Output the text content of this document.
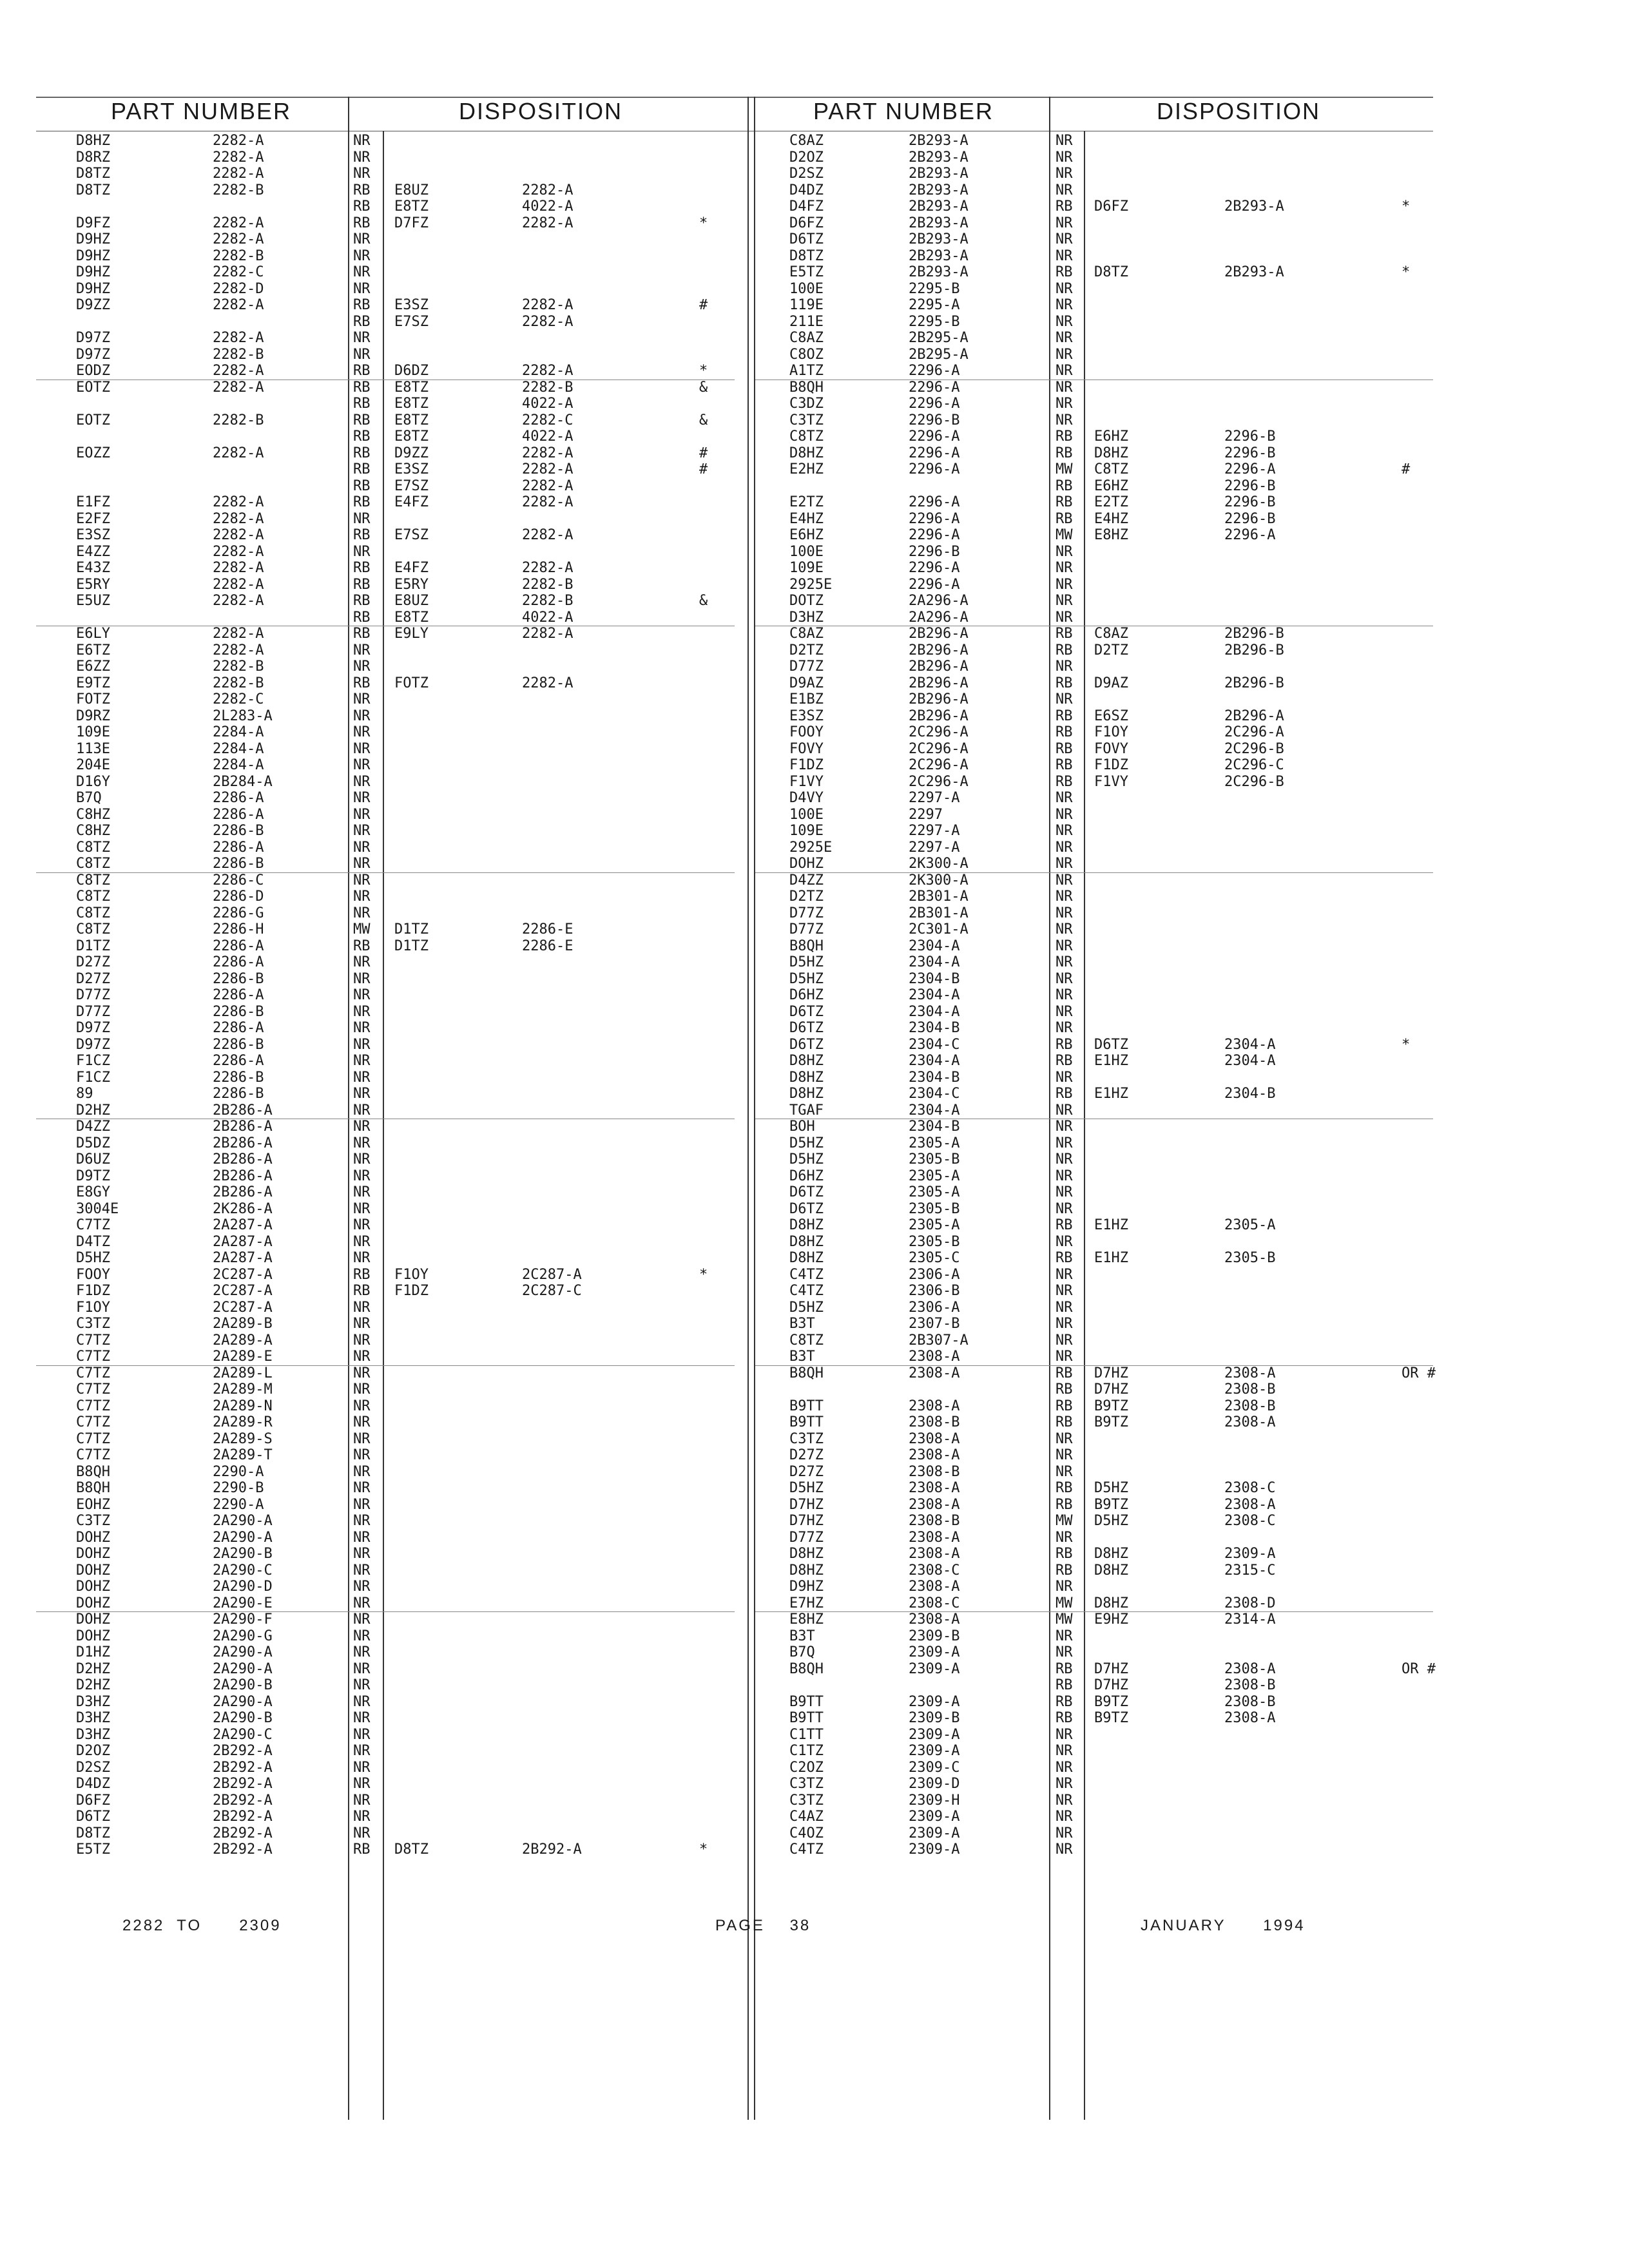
PART NUMBER	DISPOSITION	PART NUMBER	DISPOSITION
D8HZ	2282-A	NR
D8RZ	2282-A	NR
D8TZ	2282-A	NR
D8TZ	2282-B	RB E8UZ	2282-A
RB E8TZ	4022-A
D9FZ	2282-A	RB D7FZ	2282-A	*
D9HZ	2282-A	NR
D9HZ	2282-B	NR
D9HZ	2282-C	NR
D9HZ	2282-D	NR
D9ZZ	2282-A	RB E3SZ	2282-A	#
RB E7SZ	2282-A
D97Z	2282-A	NR
D97Z	2282-B	NR
EODZ	2282-A	RB D6DZ	2282-A	*
EOTZ	2282-A	RB E8TZ	2282-B	&
RB E8TZ	4022-A
EOTZ	2282-B	RB E8TZ	2282-C	&
RB E8TZ	4022-A
EOZZ	2282-A	RB D9ZZ	2282-A	#
RB E3SZ	2282-A	#
RB E7SZ	2282-A
E1FZ	2282-A	RB E4FZ	2282-A
E2FZ	2282-A	NR
E3SZ	2282-A	RB E7SZ	2282-A
E4ZZ	2282-A	NR
E43Z	2282-A	RB E4FZ	2282-A
E5RY	2282-A	RB E5RY	2282-B
E5UZ	2282-A	RB E8UZ	2282-B	&
RB E8TZ	4022-A
E6LY	2282-A	RB E9LY	2282-A
E6TZ	2282-A	NR
E6ZZ	2282-B	NR
E9TZ	2282-B	RB FOTZ	2282-A
FOTZ	2282-C	NR
D9RZ	2L283-A	NR
109E	2284-A	NR
113E	2284-A	NR
204E	2284-A	NR
D16Y	2B284-A	NR
B7Q	2286-A	NR
C8HZ	2286-A	NR
C8HZ	2286-B	NR
C8TZ	2286-A	NR
C8TZ	2286-B	NR
C8TZ	2286-C	NR
C8TZ	2286-D	NR
C8TZ	2286-G	NR
C8TZ	2286-H	MW D1TZ	2286-E
D1TZ	2286-A	RB D1TZ	2286-E
D27Z	2286-A	NR
D27Z	2286-B	NR
D77Z	2286-A	NR
D77Z	2286-B	NR
D97Z	2286-A	NR
D97Z	2286-B	NR
F1CZ	2286-A	NR
F1CZ	2286-B	NR
89	2286-B	NR
D2HZ	2B286-A	NR
D4ZZ	2B286-A	NR
D5DZ	2B286-A	NR
D6UZ	2B286-A	NR
D9TZ	2B286-A	NR
E8GY	2B286-A	NR
3004E	2K286-A	NR
C7TZ	2A287-A	NR
D4TZ	2A287-A	NR
D5HZ	2A287-A	NR
FOOY	2C287-A	RB F1OY	2C287-A	*
F1DZ	2C287-A	RB F1DZ	2C287-C
F1OY	2C287-A	NR
C3TZ	2A289-B	NR
C7TZ	2A289-A	NR
C7TZ	2A289-E	NR
C7TZ	2A289-L	NR
C7TZ	2A289-M	NR
C7TZ	2A289-N	NR
C7TZ	2A289-R	NR
C7TZ	2A289-S	NR
C7TZ	2A289-T	NR
B8QH	2290-A	NR
B8QH	2290-B	NR
EOHZ	2290-A	NR
C3TZ	2A290-A	NR
DOHZ	2A290-A	NR
DOHZ	2A290-B	NR
DOHZ	2A290-C	NR
DOHZ	2A290-D	NR
DOHZ	2A290-E	NR
DOHZ	2A290-F	NR
DOHZ	2A290-G	NR
D1HZ	2A290-A	NR
D2HZ	2A290-A	NR
D2HZ	2A290-B	NR
D3HZ	2A290-A	NR
D3HZ	2A290-B	NR
D3HZ	2A290-C	NR
D2OZ	2B292-A	NR
D2SZ	2B292-A	NR
D4DZ	2B292-A	NR
D6FZ	2B292-A	NR
D6TZ	2B292-A	NR
D8TZ	2B292-A	NR
E5TZ	2B292-A	RB D8TZ	2B292-A	*
C8AZ	2B293-A	NR
D2OZ	2B293-A	NR
D2SZ	2B293-A	NR
D4DZ	2B293-A	NR
D4FZ	2B293-A	RB D6FZ	2B293-A	*
D6FZ	2B293-A	NR
D6TZ	2B293-A	NR
D8TZ	2B293-A	NR
E5TZ	2B293-A	RB D8TZ	2B293-A	*
100E	2295-B	NR
119E	2295-A	NR
211E	2295-B	NR
C8AZ	2B295-A	NR
C8OZ	2B295-A	NR
A1TZ	2296-A	NR
B8QH	2296-A	NR
C3DZ	2296-A	NR
C3TZ	2296-B	NR
C8TZ	2296-A	RB E6HZ	2296-B
D8HZ	2296-A	RB D8HZ	2296-B
E2HZ	2296-A	MW C8TZ	2296-A	#
RB E6HZ	2296-B
E2TZ	2296-A	RB E2TZ	2296-B
E4HZ	2296-A	RB E4HZ	2296-B
E6HZ	2296-A	MW E8HZ	2296-A
100E	2296-B	NR
109E	2296-A	NR
2925E	2296-A	NR
DOTZ	2A296-A	NR
D3HZ	2A296-A	NR
C8AZ	2B296-A	RB C8AZ	2B296-B
D2TZ	2B296-A	RB D2TZ	2B296-B
D77Z	2B296-A	NR
D9AZ	2B296-A	RB D9AZ	2B296-B
E1BZ	2B296-A	NR
E3SZ	2B296-A	RB E6SZ	2B296-A
FOOY	2C296-A	RB F1OY	2C296-A
FOVY	2C296-A	RB FOVY	2C296-B
F1DZ	2C296-A	RB F1DZ	2C296-C
F1VY	2C296-A	RB F1VY	2C296-B
D4VY	2297-A	NR
100E	2297	NR
109E	2297-A	NR
2925E	2297-A	NR
DOHZ	2K300-A	NR
D4ZZ	2K300-A	NR
D2TZ	2B301-A	NR
D77Z	2B301-A	NR
D77Z	2C301-A	NR
B8QH	2304-A	NR
D5HZ	2304-A	NR
D5HZ	2304-B	NR
D6HZ	2304-A	NR
D6TZ	2304-A	NR
D6TZ	2304-B	NR
D6TZ	2304-C	RB D6TZ	2304-A	*
D8HZ	2304-A	RB E1HZ	2304-A
D8HZ	2304-B	NR
D8HZ	2304-C	RB E1HZ	2304-B
TGAF	2304-A	NR
BOH	2304-B	NR
D5HZ	2305-A	NR
D5HZ	2305-B	NR
D6HZ	2305-A	NR
D6TZ	2305-A	NR
D6TZ	2305-B	NR
D8HZ	2305-A	RB E1HZ	2305-A
D8HZ	2305-B	NR
D8HZ	2305-C	RB E1HZ	2305-B
C4TZ	2306-A	NR
C4TZ	2306-B	NR
D5HZ	2306-A	NR
B3T	2307-B	NR
C8TZ	2B307-A	NR
B3T	2308-A	NR
B8QH	2308-A	RB D7HZ	2308-A	OR #
RB D7HZ	2308-B
B9TT	2308-A	RB B9TZ	2308-B
B9TT	2308-B	RB B9TZ	2308-A
C3TZ	2308-A	NR
D27Z	2308-A	NR
D27Z	2308-B	NR
D5HZ	2308-A	RB D5HZ	2308-C
D7HZ	2308-A	RB B9TZ	2308-A
D7HZ	2308-B	MW D5HZ	2308-C
D77Z	2308-A	NR
D8HZ	2308-A	RB D8HZ	2309-A
D8HZ	2308-C	RB D8HZ	2315-C
D9HZ	2308-A	NR
E7HZ	2308-C	MW D8HZ	2308-D
E8HZ	2308-A	MW E9HZ	2314-A
B3T	2309-B	NR
B7Q	2309-A	NR
B8QH	2309-A	RB D7HZ	2308-A	OR #
RB D7HZ	2308-B
B9TT	2309-A	RB B9TZ	2308-B
B9TT	2309-B	RB B9TZ	2308-A
C1TT	2309-A	NR
C1TZ	2309-A	NR
C2OZ	2309-C	NR
C3TZ	2309-D	NR
C3TZ	2309-H	NR
C4AZ	2309-A	NR
C4OZ	2309-A	NR
C4TZ	2309-A	NR
2282  TO      2309	PAGE    38	JANUARY      1994
